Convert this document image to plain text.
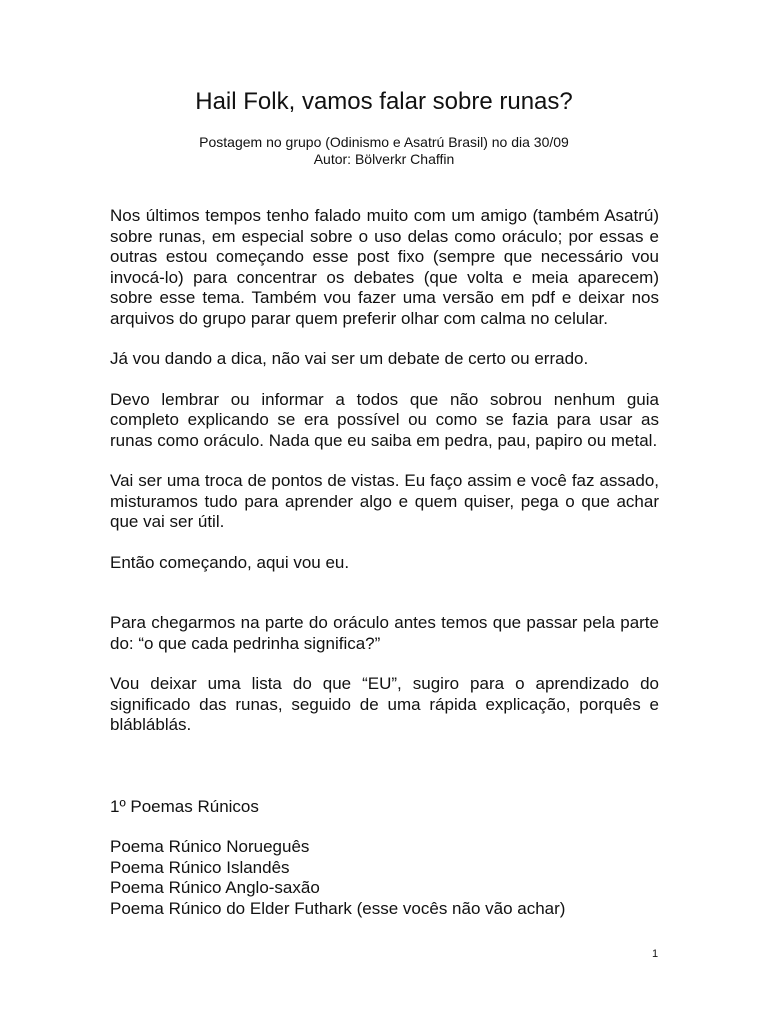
Hail Folk, vamos falar sobre runas?

Postagem no grupo (Odinismo e Asatrú Brasil) no dia 30/09

Autor: Bölverkr Chaffin

Nos últimos tempos tenho falado muito com um amigo (também Asatrú) sobre runas, em especial sobre o uso delas como oráculo; por essas e outras estou começando esse post fixo (sempre que necessário vou invocá-lo) para concentrar os debates (que volta e meia aparecem) sobre esse tema. Também vou fazer uma versão em pdf e deixar nos arquivos do grupo parar quem preferir olhar com calma no celular.

Já vou dando a dica, não vai ser um debate de certo ou errado.

Devo lembrar ou informar a todos que não sobrou nenhum guia completo explicando se era possível ou como se fazia para usar as runas como oráculo. Nada que eu saiba em pedra, pau, papiro ou metal.

Vai ser uma troca de pontos de vistas. Eu faço assim e você faz assado, misturamos tudo para aprender algo e quem quiser, pega o que achar que vai ser útil.

Então começando, aqui vou eu.

Para chegarmos na parte do oráculo antes temos que passar pela parte do: “o que cada pedrinha significa?”

Vou deixar uma lista do que “EU”, sugiro para o aprendizado do significado das runas, seguido de uma rápida explicação, porquês e blábláblás.

1º Poemas Rúnicos

Poema Rúnico Norueguês

Poema Rúnico Islandês

Poema Rúnico Anglo-saxão

Poema Rúnico do Elder Futhark (esse vocês não vão achar)

1
